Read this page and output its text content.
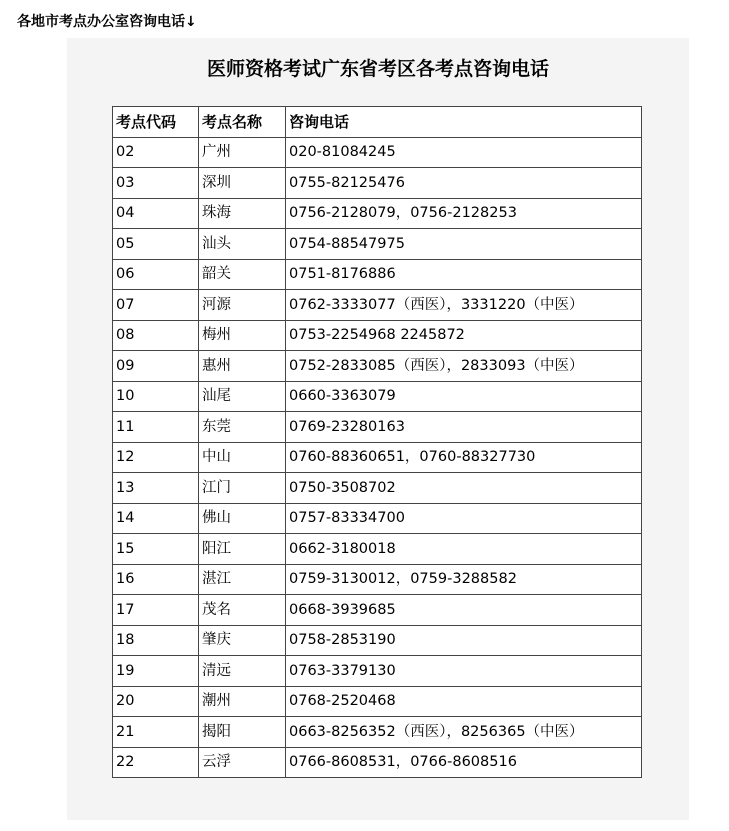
各地市考点办公室咨询电话↓
医师资格考试广东省考区各考点咨询电话
考点代码	考点名称	咨询电话
02	广州	020-81084245
03	深圳	0755-82125476
04	珠海	0756-2128079，0756-2128253
05	汕头	0754-88547975
06	韶关	0751-8176886
07	河源	0762-3333077（西医），3331220（中医）
08	梅州	0753-2254968 2245872
09	惠州	0752-2833085（西医），2833093（中医）
10	汕尾	0660-3363079
11	东莞	0769-23280163
12	中山	0760-88360651，0760-88327730
13	江门	0750-3508702
14	佛山	0757-83334700
15	阳江	0662-3180018
16	湛江	0759-3130012，0759-3288582
17	茂名	0668-3939685
18	肇庆	0758-2853190
19	清远	0763-3379130
20	潮州	0768-2520468
21	揭阳	0663-8256352（西医），8256365（中医）
22	云浮	0766-8608531，0766-8608516
